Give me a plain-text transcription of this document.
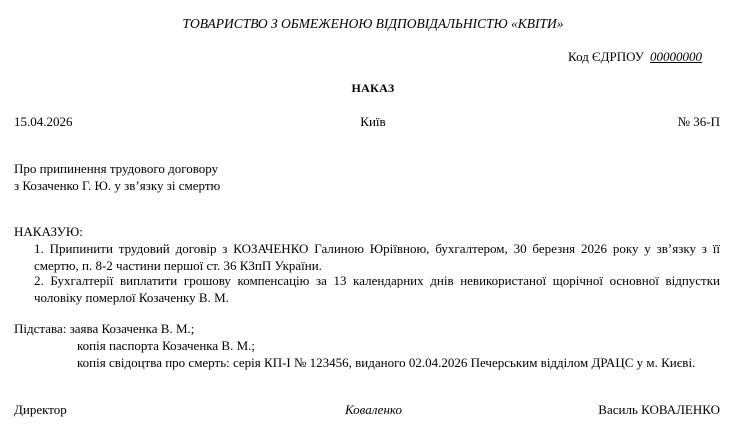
ТОВАРИСТВО З ОБМЕЖЕНОЮ ВІДПОВІДАЛЬНІСТЮ «КВІТИ»
Код ЄДРПОУ 00000000
НАКАЗ
15.04.2026	Київ	№ 36-П
Про припинення трудового договору
з Козаченко Г. Ю. у зв’язку зі смертю
НАКАЗУЮ:
1. Припинити трудовий договір з КОЗАЧЕНКО Галиною Юріївною, бухгалтером, 30 березня 2026 року у зв’язку з її смертю, п. 8-2 частини першої ст. 36 КЗпП України.
2. Бухгалтерії виплатити грошову компенсацію за 13 календарних днів невикористаної щорічної основної відпустки чоловіку померлої Козаченку В. М.
Підстава: заява Козаченка В. М.;
копія паспорта Козаченка В. М.;
копія свідоцтва про смерть: серія КП-І № 123456, виданого 02.04.2026 Печерським відділом ДРАЦС у м. Києві.
Директор	Коваленко	Василь КОВАЛЕНКО
